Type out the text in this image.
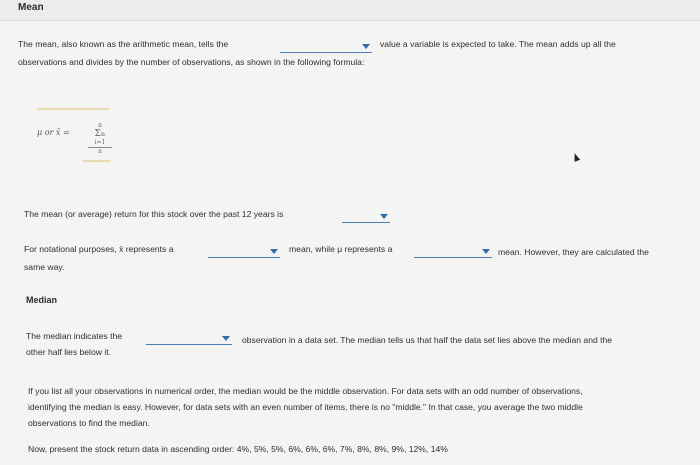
Mean
The mean, also known as the arithmetic mean, tells the	value a variable is expected to take. The mean adds up all the
observations and divides by the number of observations, as shown in the following formula:
μ or x̄ =
n
Σxᵢ
i=1
n
The mean (or average) return for this stock over the past 12 years is
For notational purposes, x̄ represents a	mean, while μ represents a	mean. However, they are calculated the
same way.
Median
The median indicates the	observation in a data set. The median tells us that half the data set lies above the median and the
other half lies below it.
If you list all your observations in numerical order, the median would be the middle observation. For data sets with an odd number of observations,
identifying the median is easy. However, for data sets with an even number of items, there is no "middle." In that case, you average the two middle
observations to find the median.
Now, present the stock return data in ascending order: 4%, 5%, 5%, 6%, 6%, 6%, 7%, 8%, 8%, 9%, 12%, 14%
